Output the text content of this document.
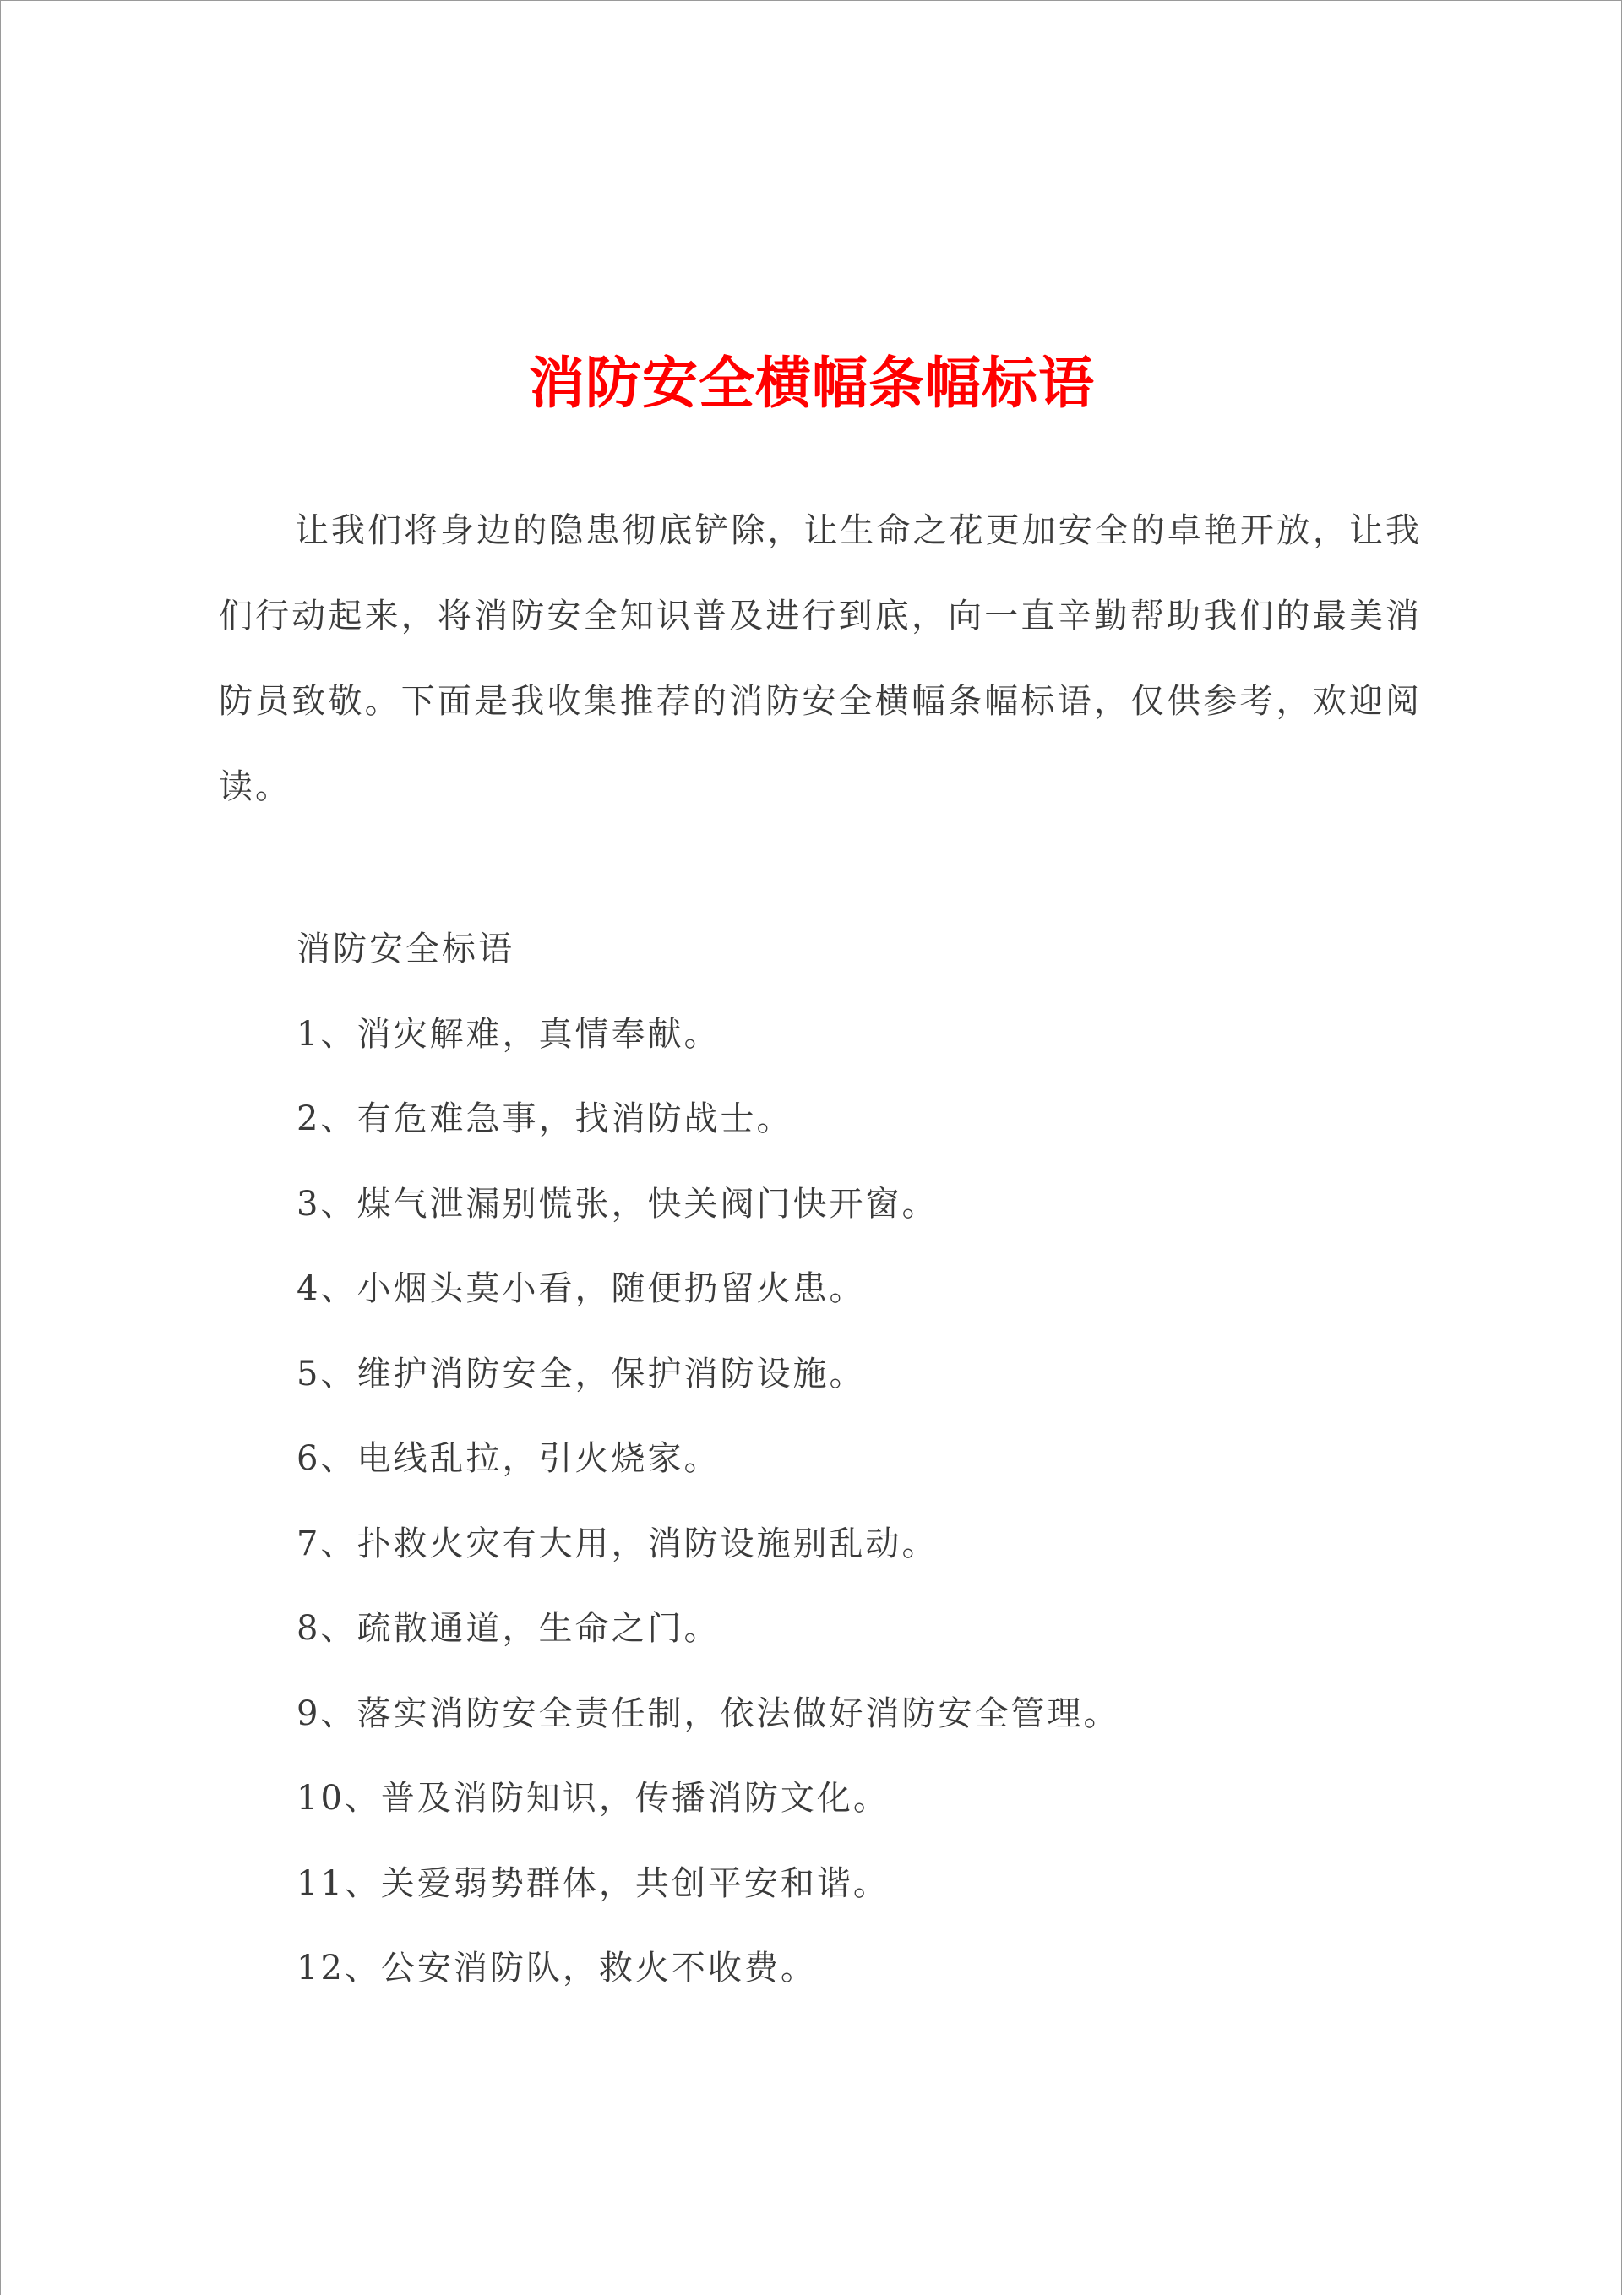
消防安全横幅条幅标语

让我们将身边的隐患彻底铲除，让生命之花更加安全的卓艳开放，让我们行动起来，将消防安全知识普及进行到底，向一直辛勤帮助我们的最美消防员致敬。下面是我收集推荐的消防安全横幅条幅标语，仅供参考，欢迎阅读。

消防安全标语
1、消灾解难，真情奉献。
2、有危难急事，找消防战士。
3、煤气泄漏别慌张，快关阀门快开窗。
4、小烟头莫小看，随便扔留火患。
5、维护消防安全，保护消防设施。
6、电线乱拉，引火烧家。
7、扑救火灾有大用，消防设施别乱动。
8、疏散通道，生命之门。
9、落实消防安全责任制，依法做好消防安全管理。
10、普及消防知识，传播消防文化。
11、关爱弱势群体，共创平安和谐。
12、公安消防队，救火不收费。
